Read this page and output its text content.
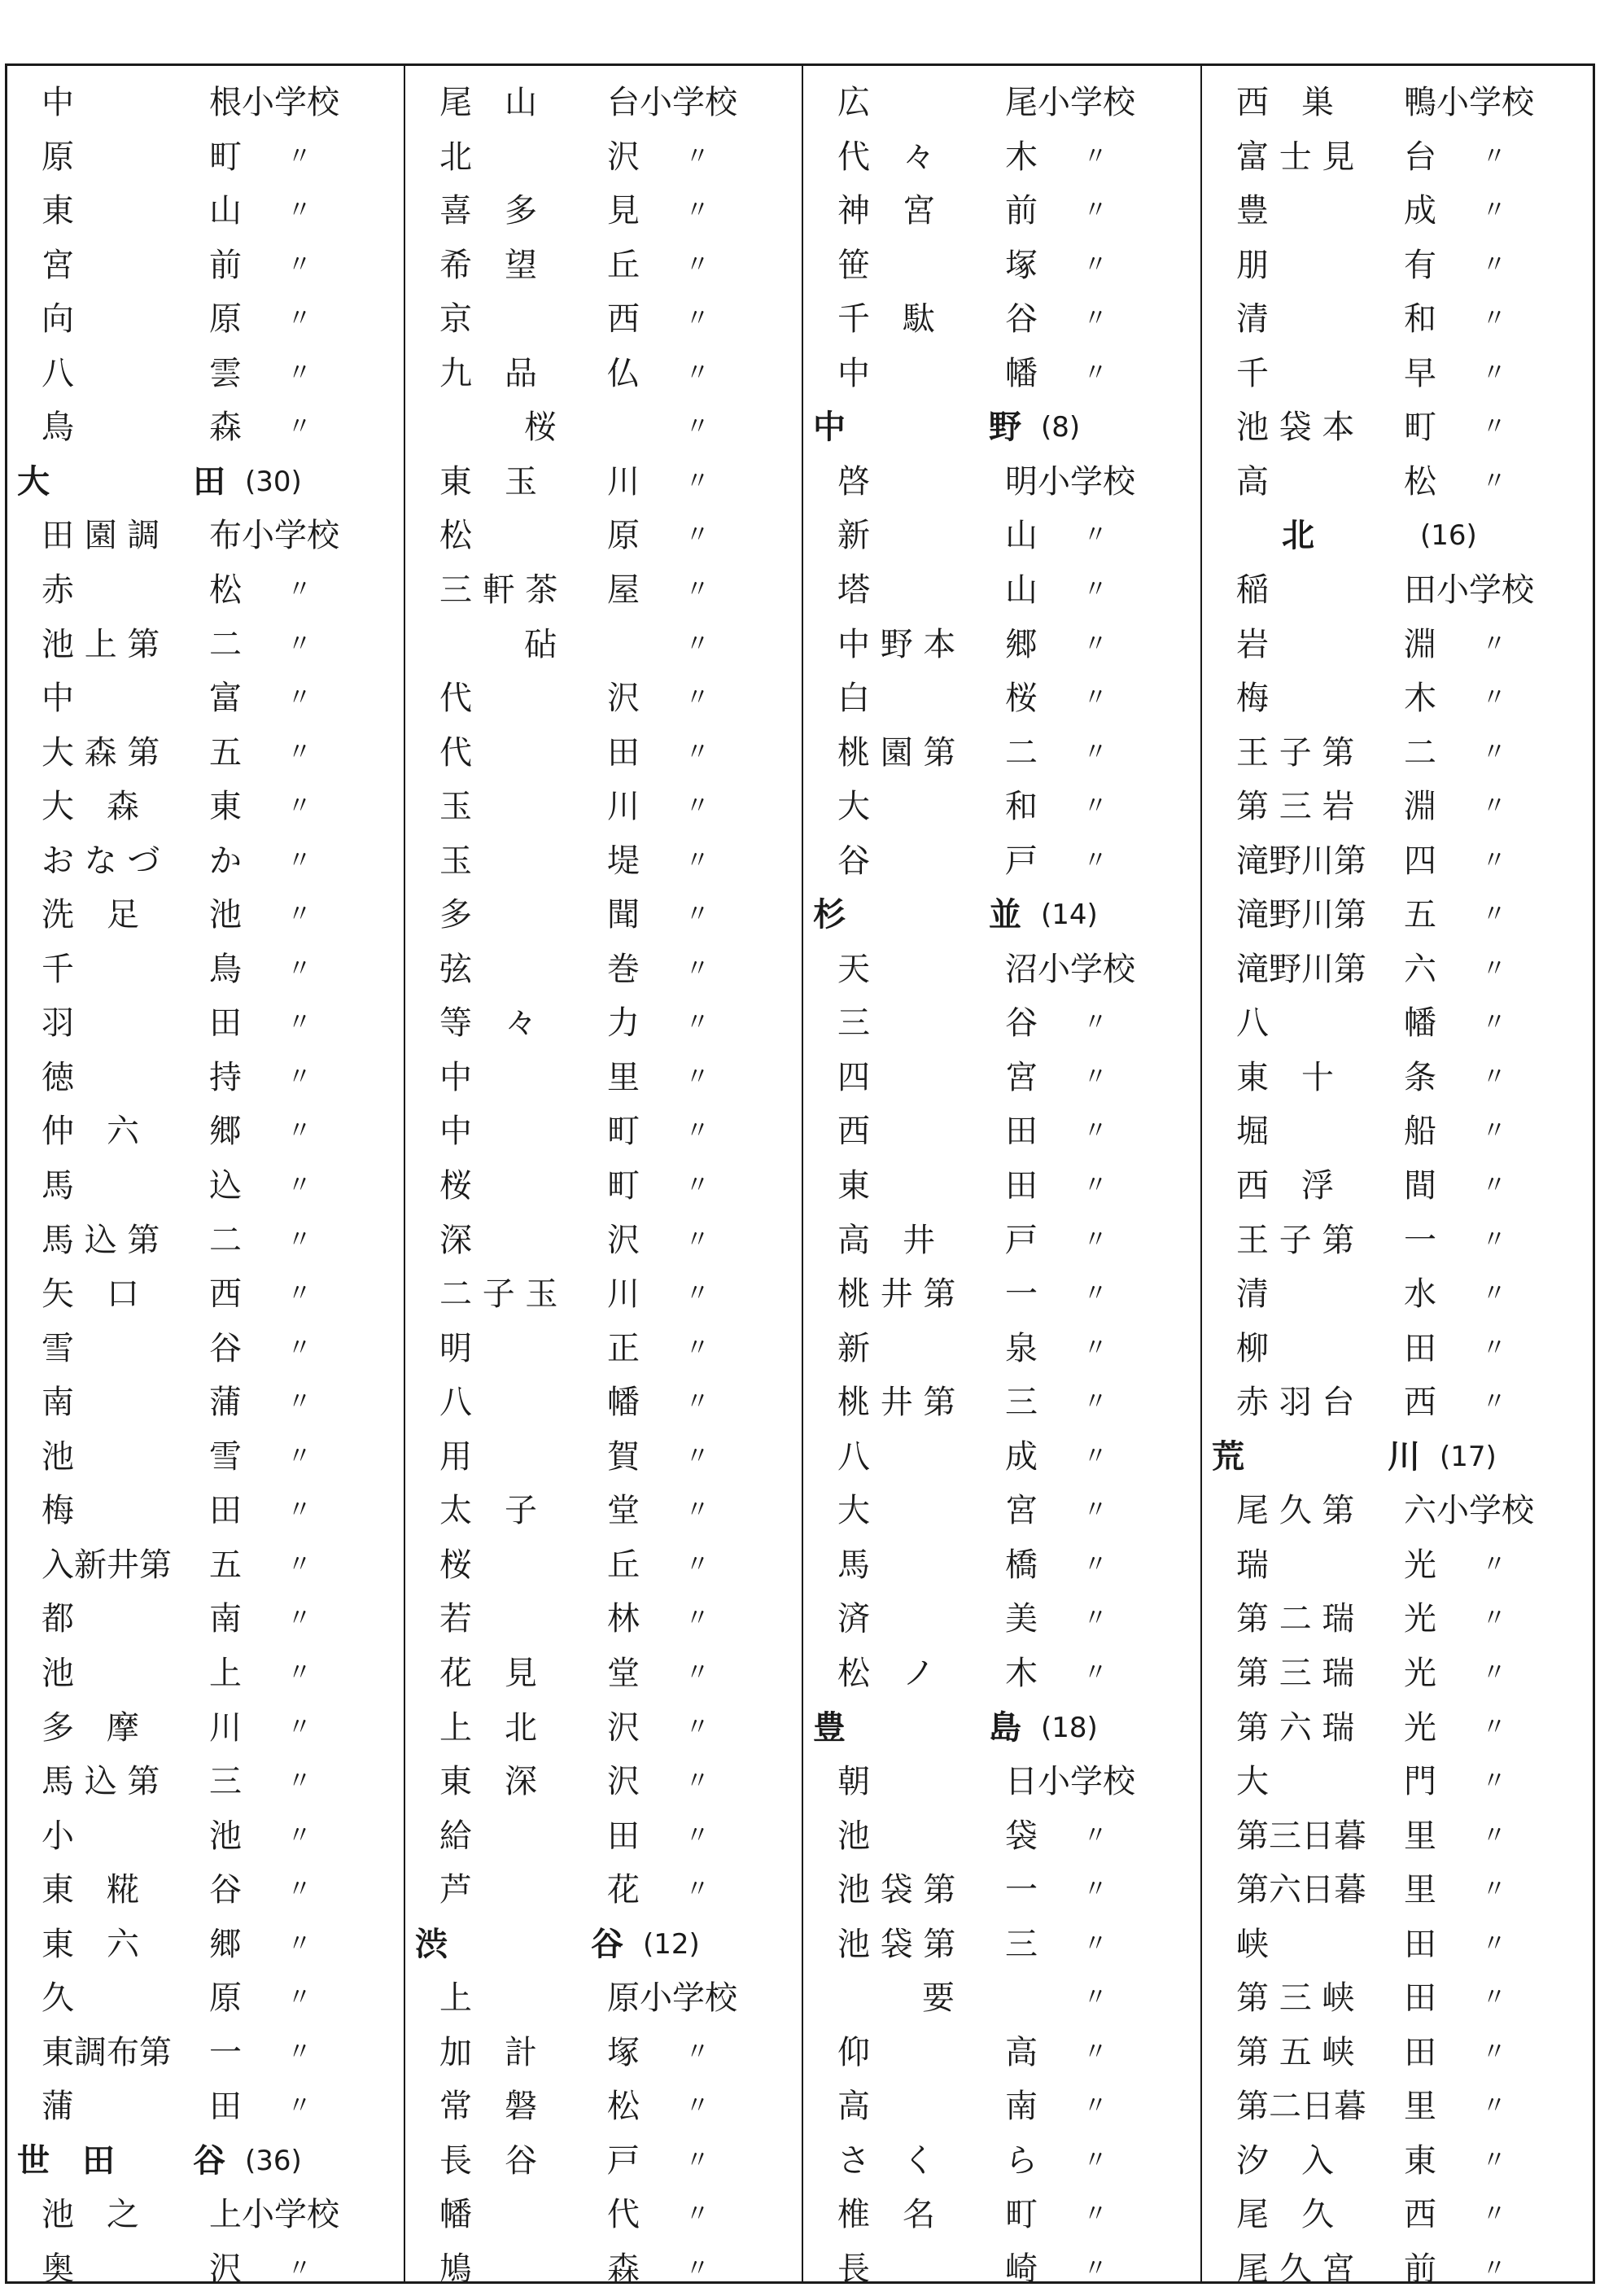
中	根 小学校
原	町 〃
東	山 〃
宮	前 〃
向	原 〃
八	雲 〃
鳥	森 〃
大	田 (30)
田 園 調 布 小学校
赤	松 〃
池 上 第 二 〃
中	富 〃
大 森 第 五 〃
大　森 東 〃
お な づ か 〃
洗　足 池 〃
千	鳥 〃
羽	田 〃
徳	持 〃
仲　六 郷 〃
馬	込 〃
馬 込 第 二 〃
矢　口 西 〃
雪	谷 〃
南	蒲 〃
池	雪 〃
梅	田 〃
入新井第 五 〃
都	南 〃
池	上 〃
多　摩 川 〃
馬 込 第 三 〃
小	池 〃
東　糀 谷 〃
東　六 郷 〃
久	原 〃
東調布第 一 〃
蒲	田 〃
世　田 谷 (36)
池　之 上 小学校
奥	沢 〃
尾　山 台 小学校
北	沢 〃
喜　多 見 〃
希　望 丘 〃
京	西 〃
九　品 仏 〃
桜	〃
東　玉 川 〃
松	原 〃
三 軒 茶 屋 〃
砧	〃
代	沢 〃
代	田 〃
玉	川 〃
玉	堤 〃
多	聞 〃
弦	巻 〃
等　々 力 〃
中	里 〃
中	町 〃
桜	町 〃
深	沢 〃
二 子 玉 川 〃
明	正 〃
八	幡 〃
用	賀 〃
太　子 堂 〃
桜	丘 〃
若	林 〃
花　見 堂 〃
上　北 沢 〃
東　深 沢 〃
給	田 〃
芦	花 〃
渋	谷 (12)
上	原 小学校
加　計 塚 〃
常　磐 松 〃
長　谷 戸 〃
幡	代 〃
鳩	森 〃
広	尾 小学校
代　々 木 〃
神　宮 前 〃
笹	塚 〃
千　駄 谷 〃
中	幡 〃
中	野 (8)
啓	明 小学校
新	山 〃
塔	山 〃
中 野 本 郷 〃
白	桜 〃
桃 園 第 二 〃
大	和 〃
谷	戸 〃
杉	並 (14)
天	沼 小学校
三	谷 〃
四	宮 〃
西	田 〃
東	田 〃
高　井 戸 〃
桃 井 第 一 〃
新	泉 〃
桃 井 第 三 〃
八	成 〃
大	宮 〃
馬	橋 〃
済	美 〃
松　ノ 木 〃
豊	島 (18)
朝	日 小学校
池	袋 〃
池 袋 第 一 〃
池 袋 第 三 〃
要	〃
仰	高 〃
高	南 〃
さ　く ら 〃
椎　名 町 〃
長	崎 〃
西　巣 鴨 小学校
富 士 見 台 〃
豊	成 〃
朋	有 〃
清	和 〃
千	早 〃
池 袋 本 町 〃
高	松 〃
北	(16)
稲	田 小学校
岩	淵 〃
梅	木 〃
王 子 第 二 〃
第 三 岩 淵 〃
滝野川第 四 〃
滝野川第 五 〃
滝野川第 六 〃
八	幡 〃
東　十 条 〃
堀	船 〃
西　浮 間 〃
王 子 第 一 〃
清	水 〃
柳	田 〃
赤 羽 台 西 〃
荒	川 (17)
尾 久 第 六 小学校
瑞	光 〃
第 二 瑞 光 〃
第 三 瑞 光 〃
第 六 瑞 光 〃
大	門 〃
第三日暮 里 〃
第六日暮 里 〃
峡	田 〃
第 三 峡 田 〃
第 五 峡 田 〃
第二日暮 里 〃
汐　入 東 〃
尾　久 西 〃
尾 久 宮 前 〃
